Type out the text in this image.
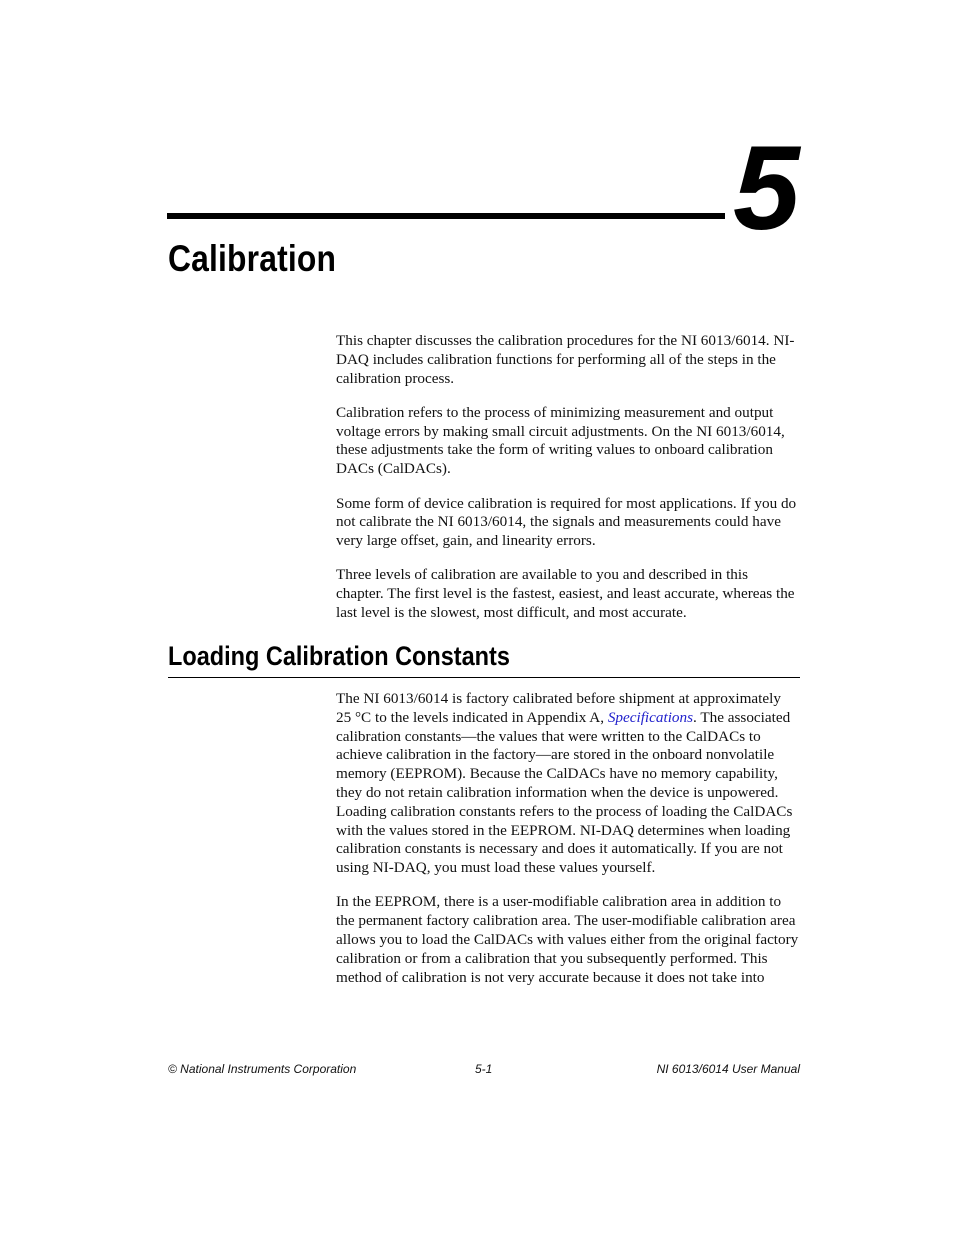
5
Calibration

This chapter discusses the calibration procedures for the NI 6013/6014. NI-DAQ includes calibration functions for performing all of the steps in the calibration process.

Calibration refers to the process of minimizing measurement and output voltage errors by making small circuit adjustments. On the NI 6013/6014, these adjustments take the form of writing values to onboard calibration DACs (CalDACs).

Some form of device calibration is required for most applications. If you do not calibrate the NI 6013/6014, the signals and measurements could have very large offset, gain, and linearity errors.

Three levels of calibration are available to you and described in this chapter. The first level is the fastest, easiest, and least accurate, whereas the last level is the slowest, most difficult, and most accurate.

Loading Calibration Constants

The NI 6013/6014 is factory calibrated before shipment at approximately 25 °C to the levels indicated in Appendix A, Specifications. The associated calibration constants—the values that were written to the CalDACs to achieve calibration in the factory—are stored in the onboard nonvolatile memory (EEPROM). Because the CalDACs have no memory capability, they do not retain calibration information when the device is unpowered. Loading calibration constants refers to the process of loading the CalDACs with the values stored in the EEPROM. NI-DAQ determines when loading calibration constants is necessary and does it automatically. If you are not using NI-DAQ, you must load these values yourself.

In the EEPROM, there is a user-modifiable calibration area in addition to the permanent factory calibration area. The user-modifiable calibration area allows you to load the CalDACs with values either from the original factory calibration or from a calibration that you subsequently performed. This method of calibration is not very accurate because it does not take into

© National Instruments Corporation	5-1	NI 6013/6014 User Manual
